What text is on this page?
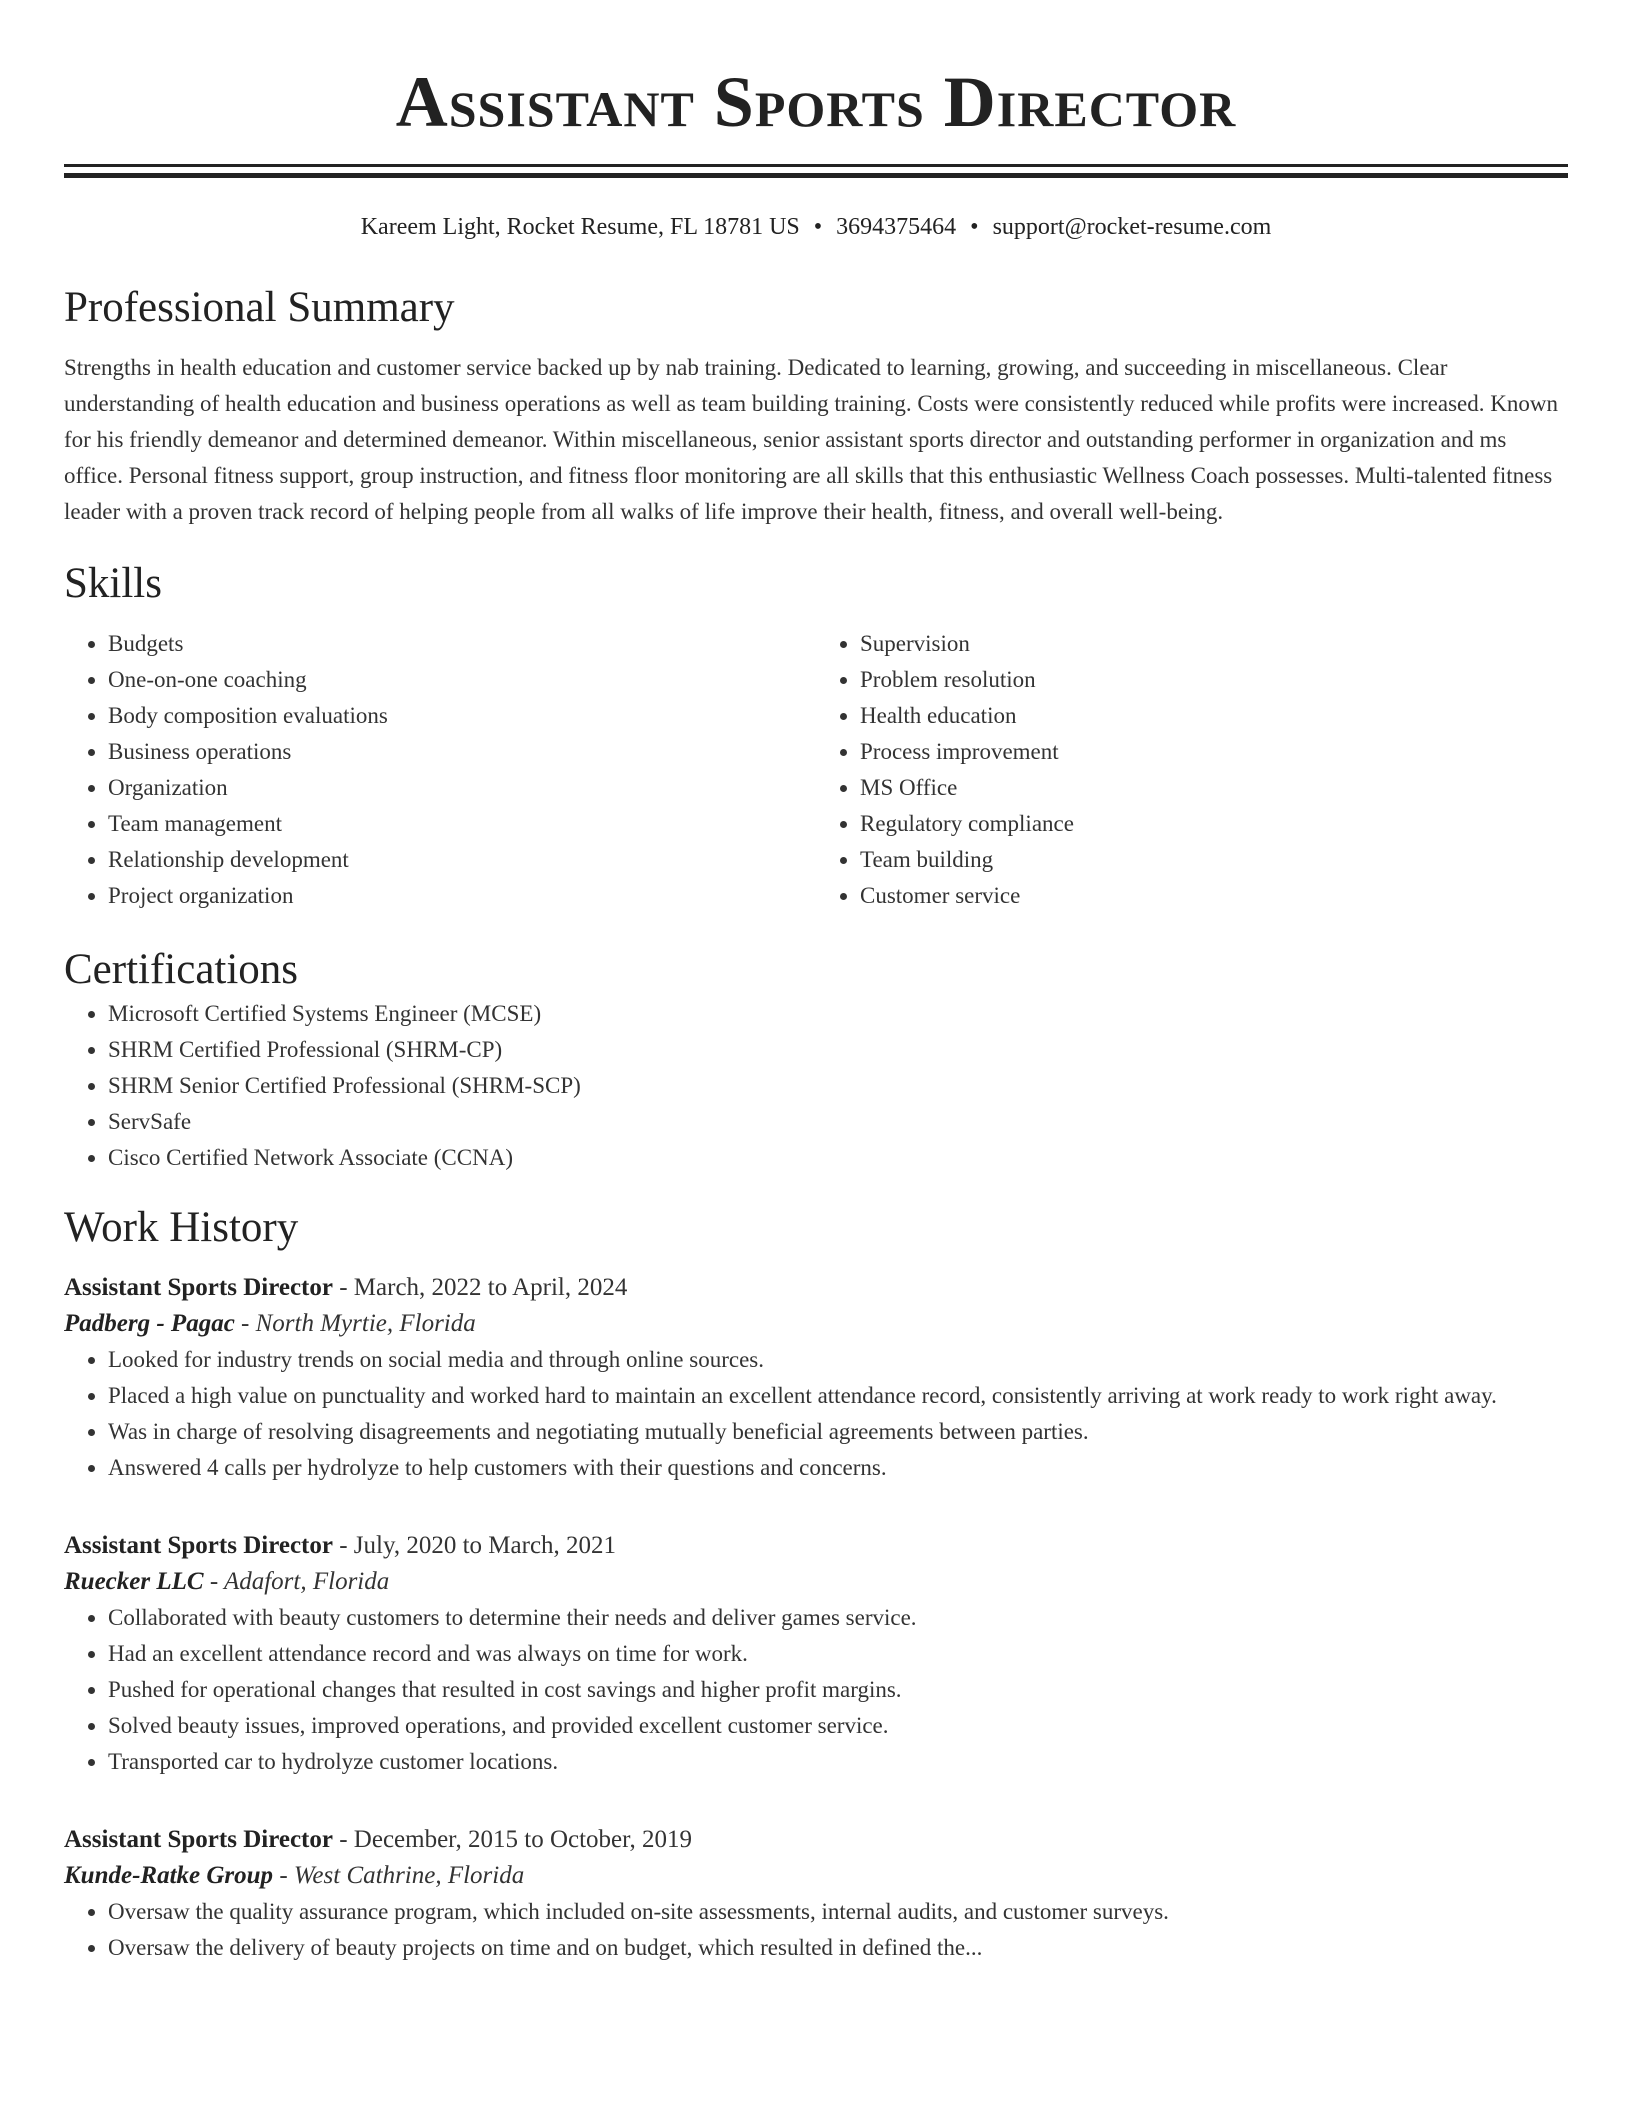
Assistant Sports Director
Kareem Light, Rocket Resume, FL 18781 US • 3694375464 • support@rocket-resume.com
Professional Summary

Strengths in health education and customer service backed up by nab training. Dedicated to learning, growing, and succeeding in miscellaneous. Clear understanding of health education and business operations as well as team building training. Costs were consistently reduced while profits were increased. Known for his friendly demeanor and determined demeanor. Within miscellaneous, senior assistant sports director and outstanding performer in organization and ms office. Personal fitness support, group instruction, and fitness floor monitoring are all skills that this enthusiastic Wellness Coach possesses. Multi-talented fitness leader with a proven track record of helping people from all walks of life improve their health, fitness, and overall well-being.

Skills
• Budgets
• One-on-one coaching
• Body composition evaluations
• Business operations
• Organization
• Team management
• Relationship development
• Project organization
• Supervision
• Problem resolution
• Health education
• Process improvement
• MS Office
• Regulatory compliance
• Team building
• Customer service
Certifications
• Microsoft Certified Systems Engineer (MCSE)
• SHRM Certified Professional (SHRM-CP)
• SHRM Senior Certified Professional (SHRM-SCP)
• ServSafe
• Cisco Certified Network Associate (CCNA)
Work History
Assistant Sports Director - March, 2022 to April, 2024
Padberg - Pagac - North Myrtie, Florida
• Looked for industry trends on social media and through online sources.
• Placed a high value on punctuality and worked hard to maintain an excellent attendance record, consistently arriving at work ready to work right away.
• Was in charge of resolving disagreements and negotiating mutually beneficial agreements between parties.
• Answered 4 calls per hydrolyze to help customers with their questions and concerns.
Assistant Sports Director - July, 2020 to March, 2021
Ruecker LLC - Adafort, Florida
• Collaborated with beauty customers to determine their needs and deliver games service.
• Had an excellent attendance record and was always on time for work.
• Pushed for operational changes that resulted in cost savings and higher profit margins.
• Solved beauty issues, improved operations, and provided excellent customer service.
• Transported car to hydrolyze customer locations.
Assistant Sports Director - December, 2015 to October, 2019
Kunde-Ratke Group - West Cathrine, Florida
• Oversaw the quality assurance program, which included on-site assessments, internal audits, and customer surveys.
• Oversaw the delivery of beauty projects on time and on budget, which resulted in defined the...
